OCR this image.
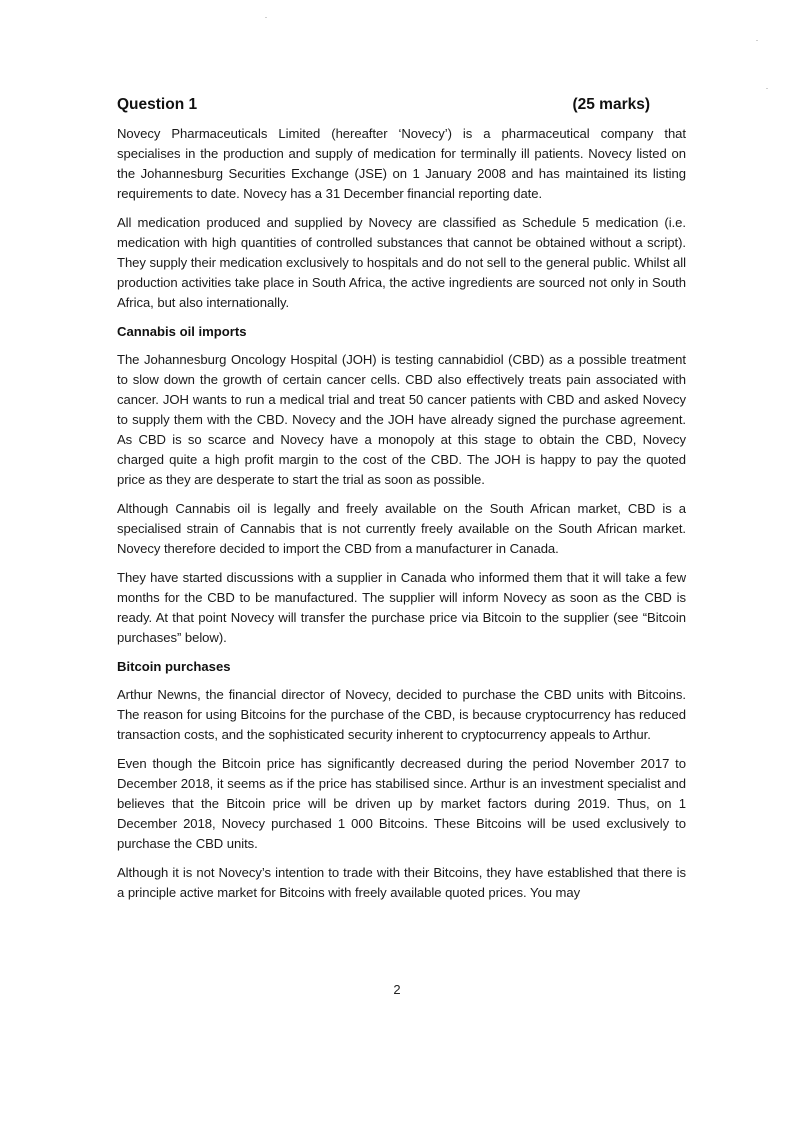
Question 1	(25 marks)

Novecy Pharmaceuticals Limited (hereafter ‘Novecy’) is a pharmaceutical company that specialises in the production and supply of medication for terminally ill patients. Novecy listed on the Johannesburg Securities Exchange (JSE) on 1 January 2008 and has maintained its listing requirements to date. Novecy has a 31 December financial reporting date.

All medication produced and supplied by Novecy are classified as Schedule 5 medication (i.e. medication with high quantities of controlled substances that cannot be obtained without a script). They supply their medication exclusively to hospitals and do not sell to the general public. Whilst all production activities take place in South Africa, the active ingredients are sourced not only in South Africa, but also internationally.

Cannabis oil imports

The Johannesburg Oncology Hospital (JOH) is testing cannabidiol (CBD) as a possible treatment to slow down the growth of certain cancer cells. CBD also effectively treats pain associated with cancer. JOH wants to run a medical trial and treat 50 cancer patients with CBD and asked Novecy to supply them with the CBD. Novecy and the JOH have already signed the purchase agreement. As CBD is so scarce and Novecy have a monopoly at this stage to obtain the CBD, Novecy charged quite a high profit margin to the cost of the CBD. The JOH is happy to pay the quoted price as they are desperate to start the trial as soon as possible.

Although Cannabis oil is legally and freely available on the South African market, CBD is a specialised strain of Cannabis that is not currently freely available on the South African market. Novecy therefore decided to import the CBD from a manufacturer in Canada.

They have started discussions with a supplier in Canada who informed them that it will take a few months for the CBD to be manufactured. The supplier will inform Novecy as soon as the CBD is ready. At that point Novecy will transfer the purchase price via Bitcoin to the supplier (see “Bitcoin purchases” below).

Bitcoin purchases

Arthur Newns, the financial director of Novecy, decided to purchase the CBD units with Bitcoins. The reason for using Bitcoins for the purchase of the CBD, is because cryptocurrency has reduced transaction costs, and the sophisticated security inherent to cryptocurrency appeals to Arthur.

Even though the Bitcoin price has significantly decreased during the period November 2017 to December 2018, it seems as if the price has stabilised since. Arthur is an investment specialist and believes that the Bitcoin price will be driven up by market factors during 2019. Thus, on 1 December 2018, Novecy purchased 1 000 Bitcoins. These Bitcoins will be used exclusively to purchase the CBD units.

Although it is not Novecy’s intention to trade with their Bitcoins, they have established that there is a principle active market for Bitcoins with freely available quoted prices. You may

2
